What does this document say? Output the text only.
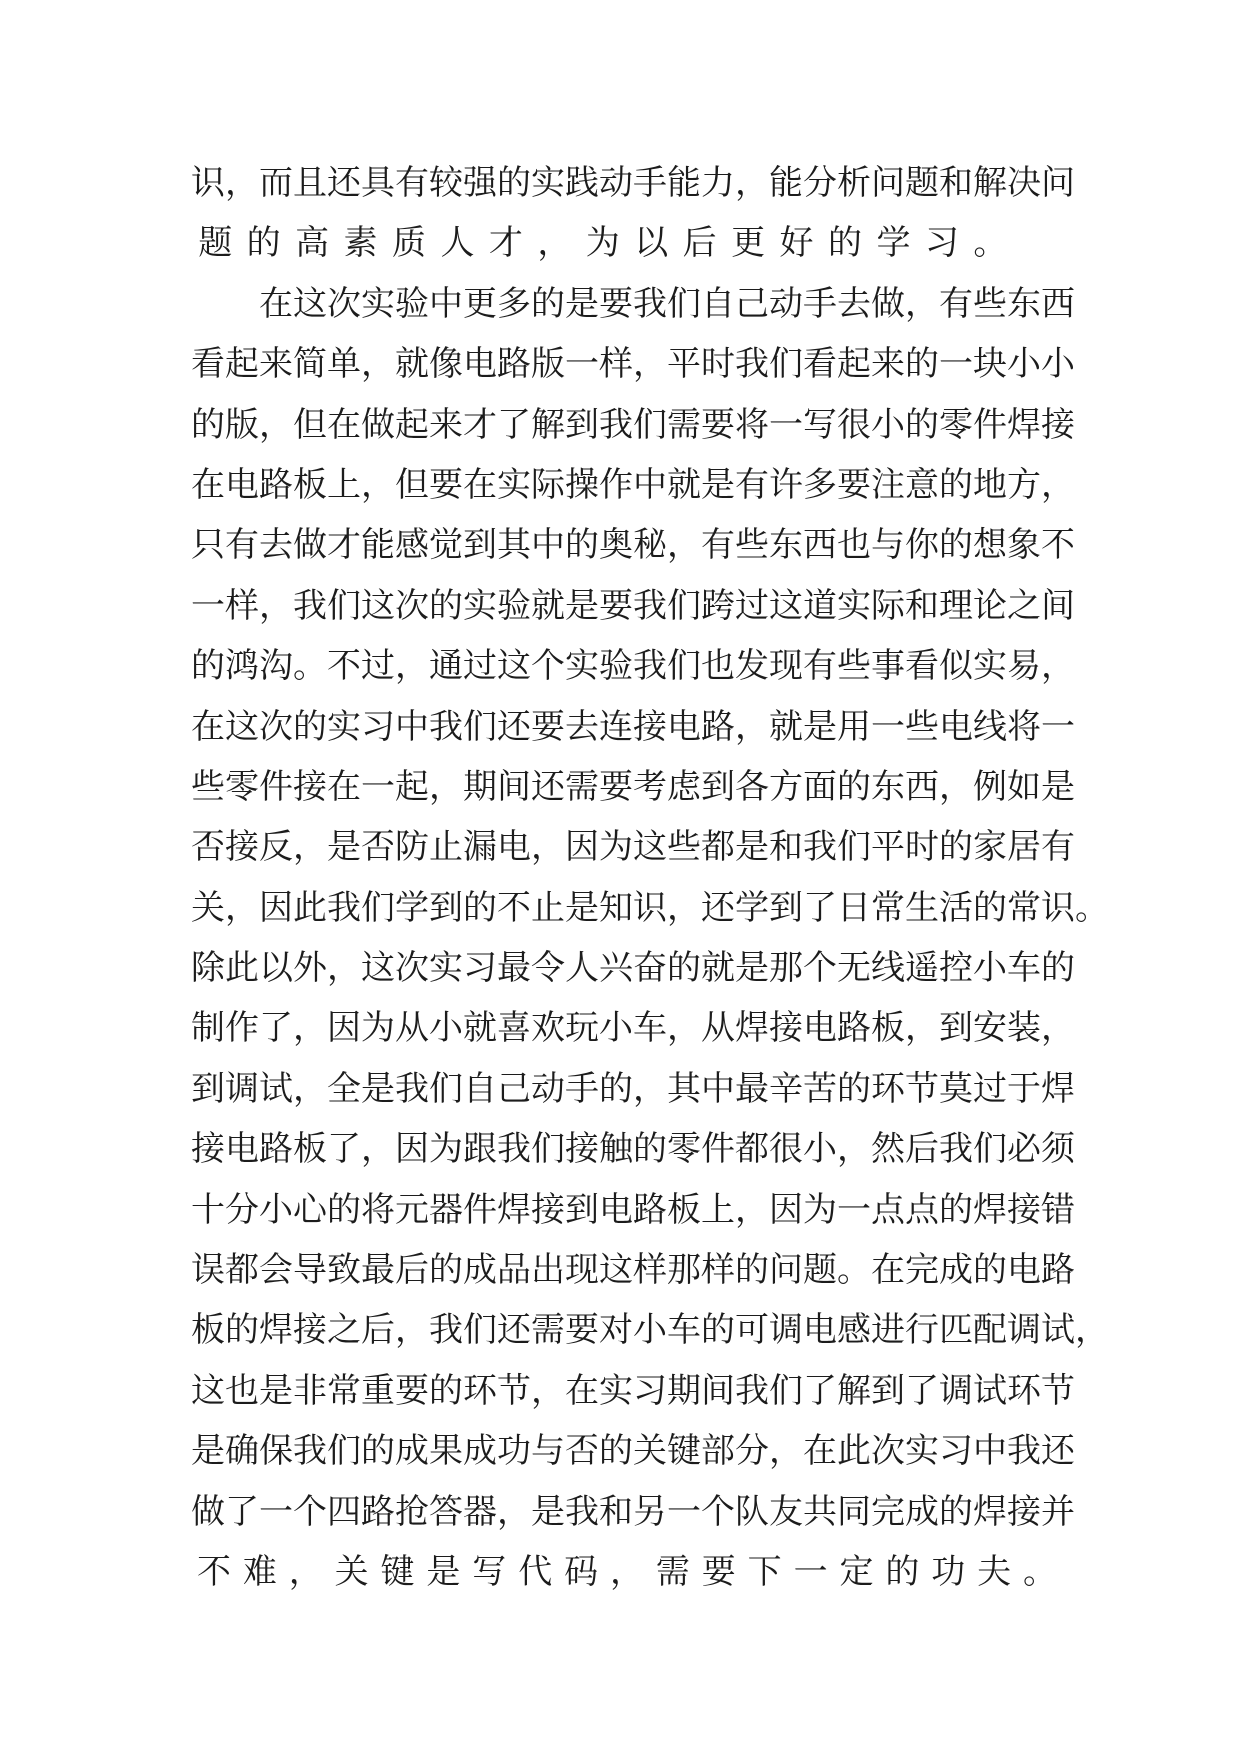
识 ， 而 且 还 具 有 较 强 的 实 践 动 手 能 力 ， 能 分 析 问 题 和 解 决 问
题 的 高 素 质 人 才 ， 为 以 后 更 好 的 学 习 。

在 这 次 实 验 中 更 多 的 是 要 我 们 自 己 动 手 去 做 ， 有 些 东 西
看 起 来 简 单 ， 就 像 电 路 版 一 样 ， 平 时 我 们 看 起 来 的 一 块 小 小
的 版 ， 但 在 做 起 来 才 了 解 到 我 们 需 要 将 一 写 很 小 的 零 件 焊 接
在 电 路 板 上 ， 但 要 在 实 际 操 作 中 就 是 有 许 多 要 注 意 的 地 方 ，
只 有 去 做 才 能 感 觉 到 其 中 的 奥 秘 ， 有 些 东 西 也 与 你 的 想 象 不
一 样 ， 我 们 这 次 的 实 验 就 是 要 我 们 跨 过 这 道 实 际 和 理 论 之 间
的 鸿 沟 。 不 过 ， 通 过 这 个 实 验 我 们 也 发 现 有 些 事 看 似 实 易 ，
在 这 次 的 实 习 中 我 们 还 要 去 连 接 电 路 ， 就 是 用 一 些 电 线 将 一
些 零 件 接 在 一 起 ， 期 间 还 需 要 考 虑 到 各 方 面 的 东 西 ， 例 如 是
否 接 反 ， 是 否 防 止 漏 电 ， 因 为 这 些 都 是 和 我 们 平 时 的 家 居 有
关 ， 因 此 我 们 学 到 的 不 止 是 知 识 ， 还 学 到 了 日 常 生 活 的 常 识 。
除 此 以 外 ， 这 次 实 习 最 令 人 兴 奋 的 就 是 那 个 无 线 遥 控 小 车 的
制 作 了 ， 因 为 从 小 就 喜 欢 玩 小 车 ， 从 焊 接 电 路 板 ， 到 安 装 ，
到 调 试 ， 全 是 我 们 自 己 动 手 的 ， 其 中 最 辛 苦 的 环 节 莫 过 于 焊
接 电 路 板 了 ， 因 为 跟 我 们 接 触 的 零 件 都 很 小 ， 然 后 我 们 必 须
十 分 小 心 的 将 元 器 件 焊 接 到 电 路 板 上 ， 因 为 一 点 点 的 焊 接 错
误 都 会 导 致 最 后 的 成 品 出 现 这 样 那 样 的 问 题 。 在 完 成 的 电 路
板 的 焊 接 之 后 ， 我 们 还 需 要 对 小 车 的 可 调 电 感 进 行 匹 配 调 试 ，
这 也 是 非 常 重 要 的 环 节 ， 在 实 习 期 间 我 们 了 解 到 了 调 试 环 节
是 确 保 我 们 的 成 果 成 功 与 否 的 关 键 部 分 ， 在 此 次 实 习 中 我 还
做 了 一 个 四 路 抢 答 器 ， 是 我 和 另 一 个 队 友 共 同 完 成 的 焊 接 并
不 难 ， 关 键 是 写 代 码 ， 需 要 下 一 定 的 功 夫 。
